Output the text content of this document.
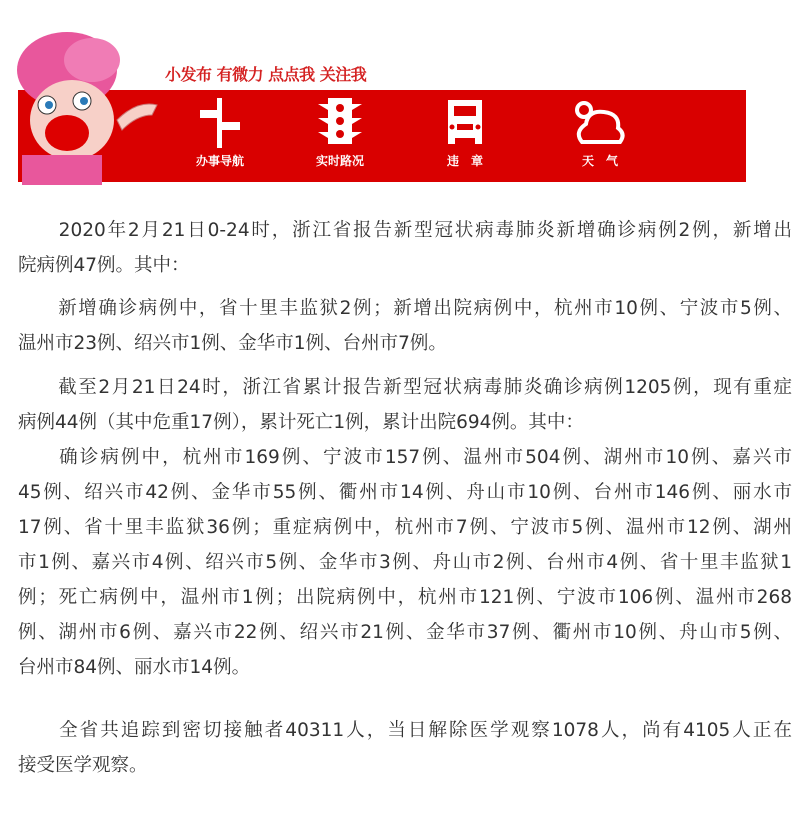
小发布 有微力 点点我 关注我
办事导航	实时路况	违　章	天　气
　　2020年2月21日0-24时，浙江省报告新型冠状病毒肺炎新增确诊病例2例，新增出
院病例47例。其中：
　　新增确诊病例中，省十里丰监狱2例；新增出院病例中，杭州市10例、宁波市5例、
温州市23例、绍兴市1例、金华市1例、台州市7例。
　　截至2月21日24时，浙江省累计报告新型冠状病毒肺炎确诊病例1205例，现有重症
病例44例（其中危重17例），累计死亡1例，累计出院694例。其中：
　　确诊病例中，杭州市169例、宁波市157例、温州市504例、湖州市10例、嘉兴市
45例、绍兴市42例、金华市55例、衢州市14例、舟山市10例、台州市146例、丽水市
17例、省十里丰监狱36例；重症病例中，杭州市7例、宁波市5例、温州市12例、湖州
市1例、嘉兴市4例、绍兴市5例、金华市3例、舟山市2例、台州市4例、省十里丰监狱1
例；死亡病例中，温州市1例；出院病例中，杭州市121例、宁波市106例、温州市268
例、湖州市6例、嘉兴市22例、绍兴市21例、金华市37例、衢州市10例、舟山市5例、
台州市84例、丽水市14例。
　　全省共追踪到密切接触者40311人，当日解除医学观察1078人，尚有4105人正在
接受医学观察。
